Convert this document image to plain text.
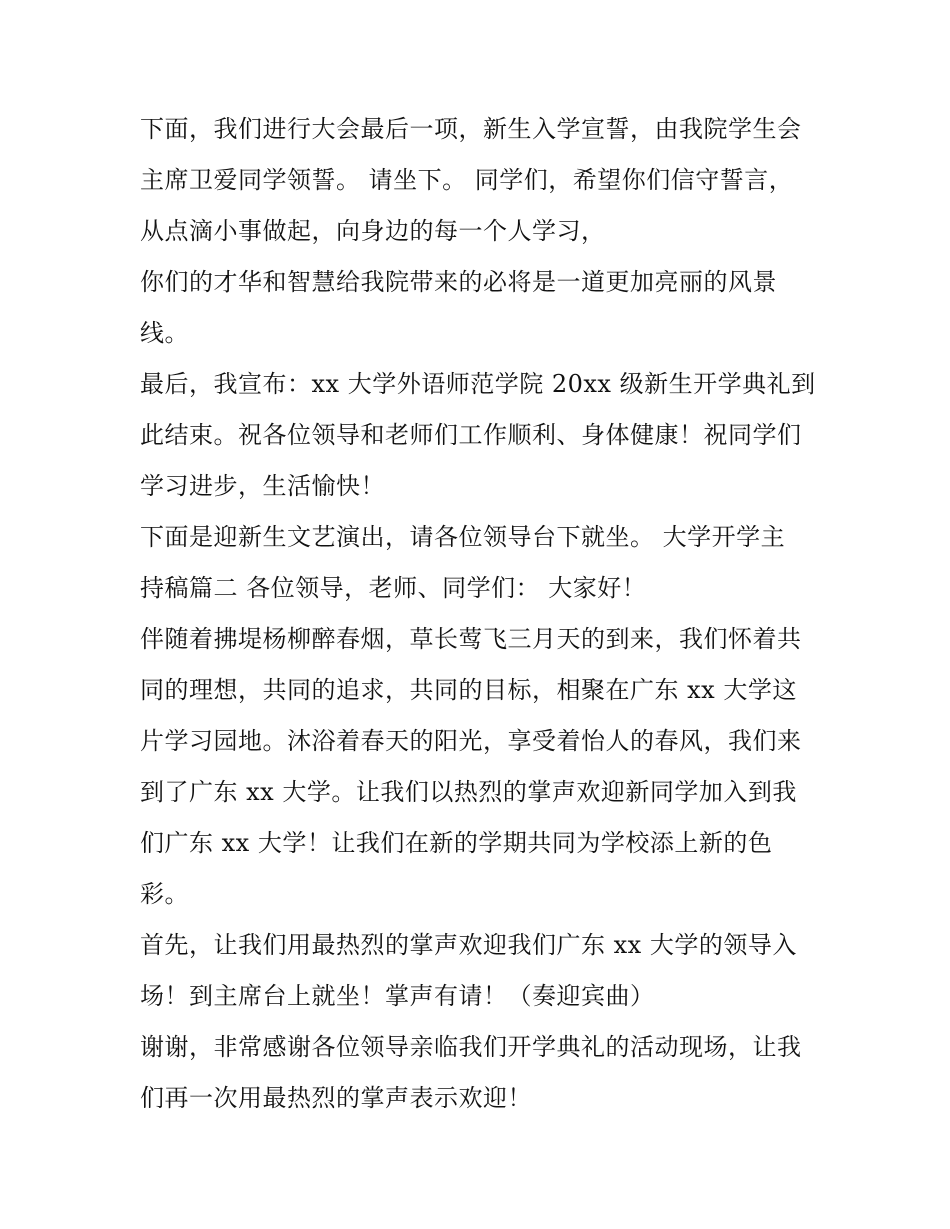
下面，我们进行大会最后一项，新生入学宣誓，由我院学生会
主席卫爱同学领誓。 请坐下。 同学们，希望你们信守誓言，
从点滴小事做起，向身边的每一个人学习，
你们的才华和智慧给我院带来的必将是一道更加亮丽的风景
线。
最后，我宣布：xx 大学外语师范学院 20xx 级新生开学典礼到
此结束。祝各位领导和老师们工作顺利、身体健康！祝同学们
学习进步，生活愉快！
下面是迎新生文艺演出，请各位领导台下就坐。 大学开学主
持稿篇二 各位领导，老师、同学们： 大家好！
伴随着拂堤杨柳醉春烟，草长莺飞三月天的到来，我们怀着共
同的理想，共同的追求，共同的目标，相聚在广东 xx 大学这
片学习园地。沐浴着春天的阳光，享受着怡人的春风，我们来
到了广东 xx 大学。让我们以热烈的掌声欢迎新同学加入到我
们广东 xx 大学！让我们在新的学期共同为学校添上新的色
彩。
首先，让我们用最热烈的掌声欢迎我们广东 xx 大学的领导入
场！到主席台上就坐！掌声有请！（奏迎宾曲）
谢谢，非常感谢各位领导亲临我们开学典礼的活动现场，让我
们再一次用最热烈的掌声表示欢迎！
